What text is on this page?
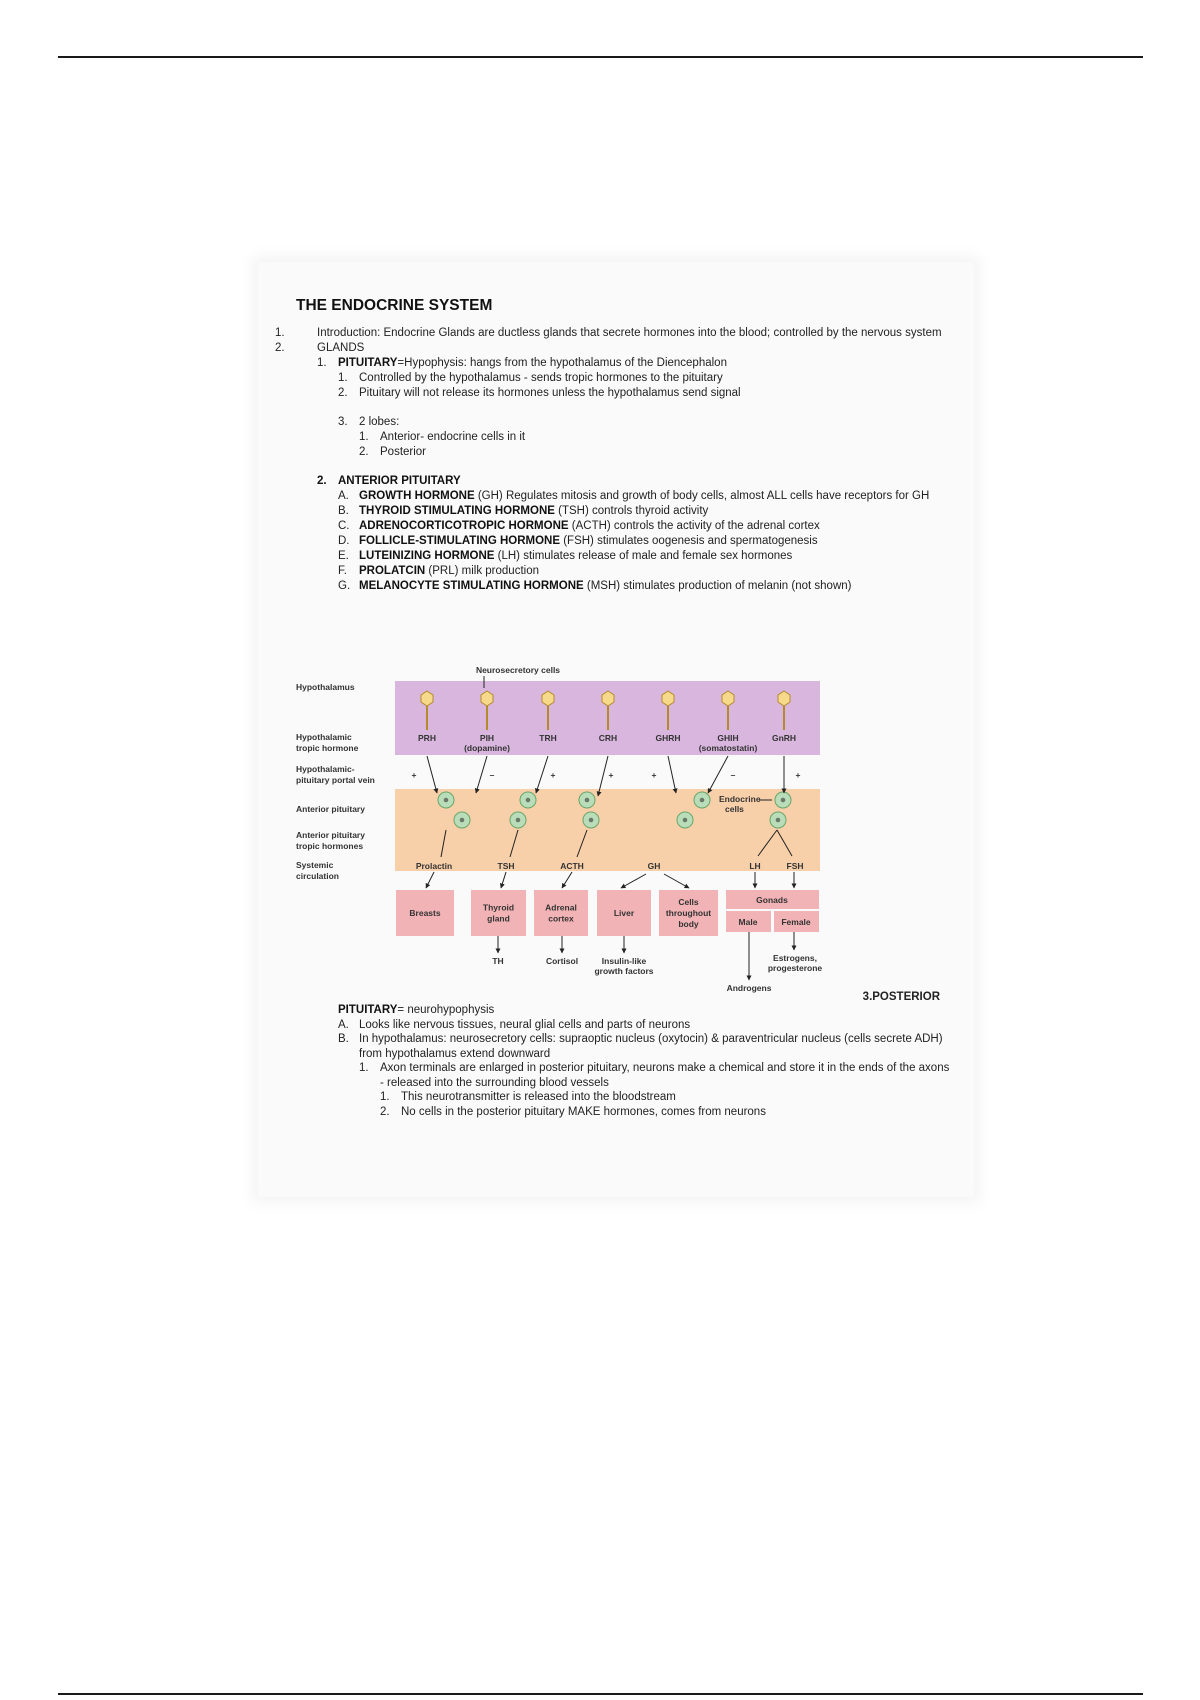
THE ENDOCRINE SYSTEM
1.	Introduction: Endocrine Glands are ductless glands that secrete hormones into the blood; controlled by the nervous system
2.	GLANDS
1. PITUITARY=Hypophysis: hangs from the hypothalamus of the Diencephalon
1. Controlled by the hypothalamus - sends tropic hormones to the pituitary
2. Pituitary will not release its hormones unless the hypothalamus send signal
3. 2 lobes:
1. Anterior- endocrine cells in it
2. Posterior
2. ANTERIOR PITUITARY
A. GROWTH HORMONE (GH) Regulates mitosis and growth of body cells, almost ALL cells have receptors for GH
B. THYROID STIMULATING HORMONE (TSH) controls thyroid activity
C. ADRENOCORTICOTROPIC HORMONE (ACTH) controls the activity of the adrenal cortex
D. FOLLICLE-STIMULATING HORMONE (FSH) stimulates oogenesis and spermatogenesis
E. LUTEINIZING HORMONE (LH) stimulates release of male and female sex hormones
F. PROLATCIN (PRL) milk production
G. MELANOCYTE STIMULATING HORMONE (MSH) stimulates production of melanin (not shown)
Hypothalamus
Hypothalamic
tropic hormone
Hypothalamic-
pituitary portal vein
Anterior pituitary
Anterior pituitary
tropic hormones
Systemic
circulation
Neurosecretory cells
PRH	PIH
(dopamine)
TRH	CRH	GHRH	GHIH
(somatostatin)
GnRH
+	–	+	+	+	–	+
Endocrine
cells
Prolactin	TSH	ACTH	GH	LH	FSH
Breasts
Thyroid
gland
Adrenal
cortex
Liver
Cells
throughout
body
Gonads
Male	Female
TH	Cortisol	Insulin-like
growth factors
Estrogens,
progesterone
Androgens
3.POSTERIOR
PITUITARY= neurohypophysis
A. Looks like nervous tissues, neural glial cells and parts of neurons
B. In hypothalamus: neurosecretory cells: supraoptic nucleus (oxytocin) & paraventricular nucleus (cells secrete ADH) from hypothalamus extend downward
1. Axon terminals are enlarged in posterior pituitary, neurons make a chemical and store it in the ends of the axons - released into the surrounding blood vessels
1. This neurotransmitter is released into the bloodstream
2. No cells in the posterior pituitary MAKE hormones, comes from neurons
